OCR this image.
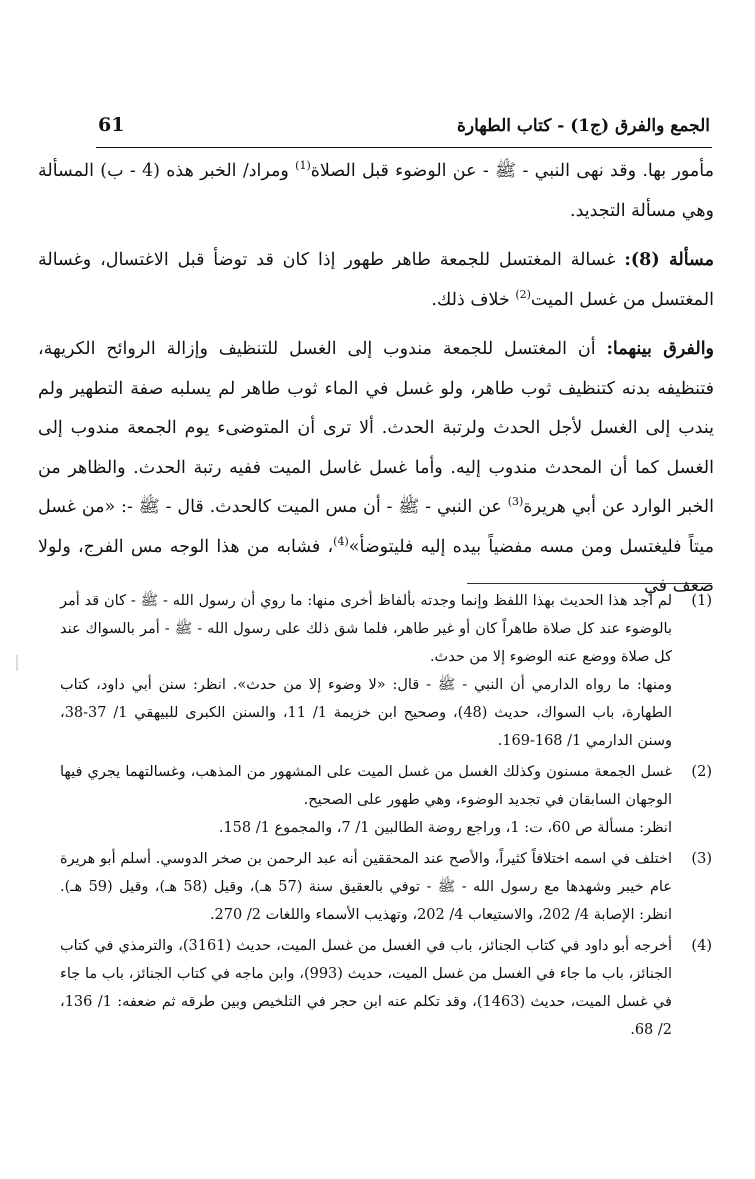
الجمع والفرق (ج1) - كتاب الطهارة
61

مأمور بها. وقد نهى النبي - ﷺ - عن الوضوء قبل الصلاة$^{(1)}$ ومراد/ الخبر هذه (4 - ب) المسألة وهي مسألة التجديد.

مسألة (8): غسالة المغتسل للجمعة طاهر طهور إذا كان قد توضأ قبل الاغتسال، وغسالة المغتسل من غسل الميت$^{(2)}$ خلاف ذلك.

والفرق بينهما: أن المغتسل للجمعة مندوب إلى الغسل للتنظيف وإزالة الروائح الكريهة، فتنظيفه بدنه كتنظيف ثوب طاهر، ولو غسل في الماء ثوب طاهر لم يسلبه صفة التطهير ولم يندب إلى الغسل لأجل الحدث ولرتبة الحدث. ألا ترى أن المتوضىء يوم الجمعة مندوب إلى الغسل كما أن المحدث مندوب إليه. وأما غسل غاسل الميت ففيه رتبة الحدث. والظاهر من الخبر الوارد عن أبي هريرة$^{(3)}$ عن النبي - ﷺ - أن مس الميت كالحدث. قال - ﷺ -: «من غسل ميتاً فليغتسل ومن مسه مفضياً بيده إليه فليتوضأ»$^{(4)}$، فشابه من هذا الوجه مس الفرج، ولولا ضعف في

(1)

لم أجد هذا الحديث بهذا اللفظ وإنما وجدته بألفاظ أخرى منها: ما روي أن رسول الله - ﷺ - كان قد أمر بالوضوء عند كل صلاة طاهراً كان أو غير طاهر، فلما شق ذلك على رسول الله - ﷺ - أمر بالسواك عند كل صلاة ووضع عنه الوضوء إلا من حدث.

ومنها: ما رواه الدارمي أن النبي - ﷺ - قال: «لا وضوء إلا من حدث». انظر: سنن أبي داود، كتاب الطهارة، باب السواك، حديث (48)، وصحيح ابن خزيمة 1/ 11، والسنن الكبرى للبيهقي 1/ 37-38، وسنن الدارمي 1/ 168-169.

(2)

غسل الجمعة مسنون وكذلك الغسل من غسل الميت على المشهور من المذهب، وغسالتهما يجري فيها الوجهان السابقان في تجديد الوضوء، وهي طهور على الصحيح.

انظر: مسألة ص 60، ت: 1، وراجع روضة الطالبين 1/ 7، والمجموع 1/ 158.

(3)

اختلف في اسمه اختلافاً كثيراً، والأصح عند المحققين أنه عبد الرحمن بن صخر الدوسي. أسلم أبو هريرة عام خيبر وشهدها مع رسول الله - ﷺ - توفي بالعقيق سنة (57 هـ)، وقيل (58 هـ)، وقيل (59 هـ). انظر: الإصابة 4/ 202، والاستيعاب 4/ 202، وتهذيب الأسماء واللغات 2/ 270.

(4)

أخرجه أبو داود في كتاب الجنائز، باب في الغسل من غسل الميت، حديث (3161)، والترمذي في كتاب الجنائز، باب ما جاء في الغسل من غسل الميت، حديث (993)، وابن ماجه في كتاب الجنائز، باب ما جاء في غسل الميت، حديث (1463)، وقد تكلم عنه ابن حجر في التلخيص وبين طرقه ثم ضعفه: 1/ 136، 2/ 68.
